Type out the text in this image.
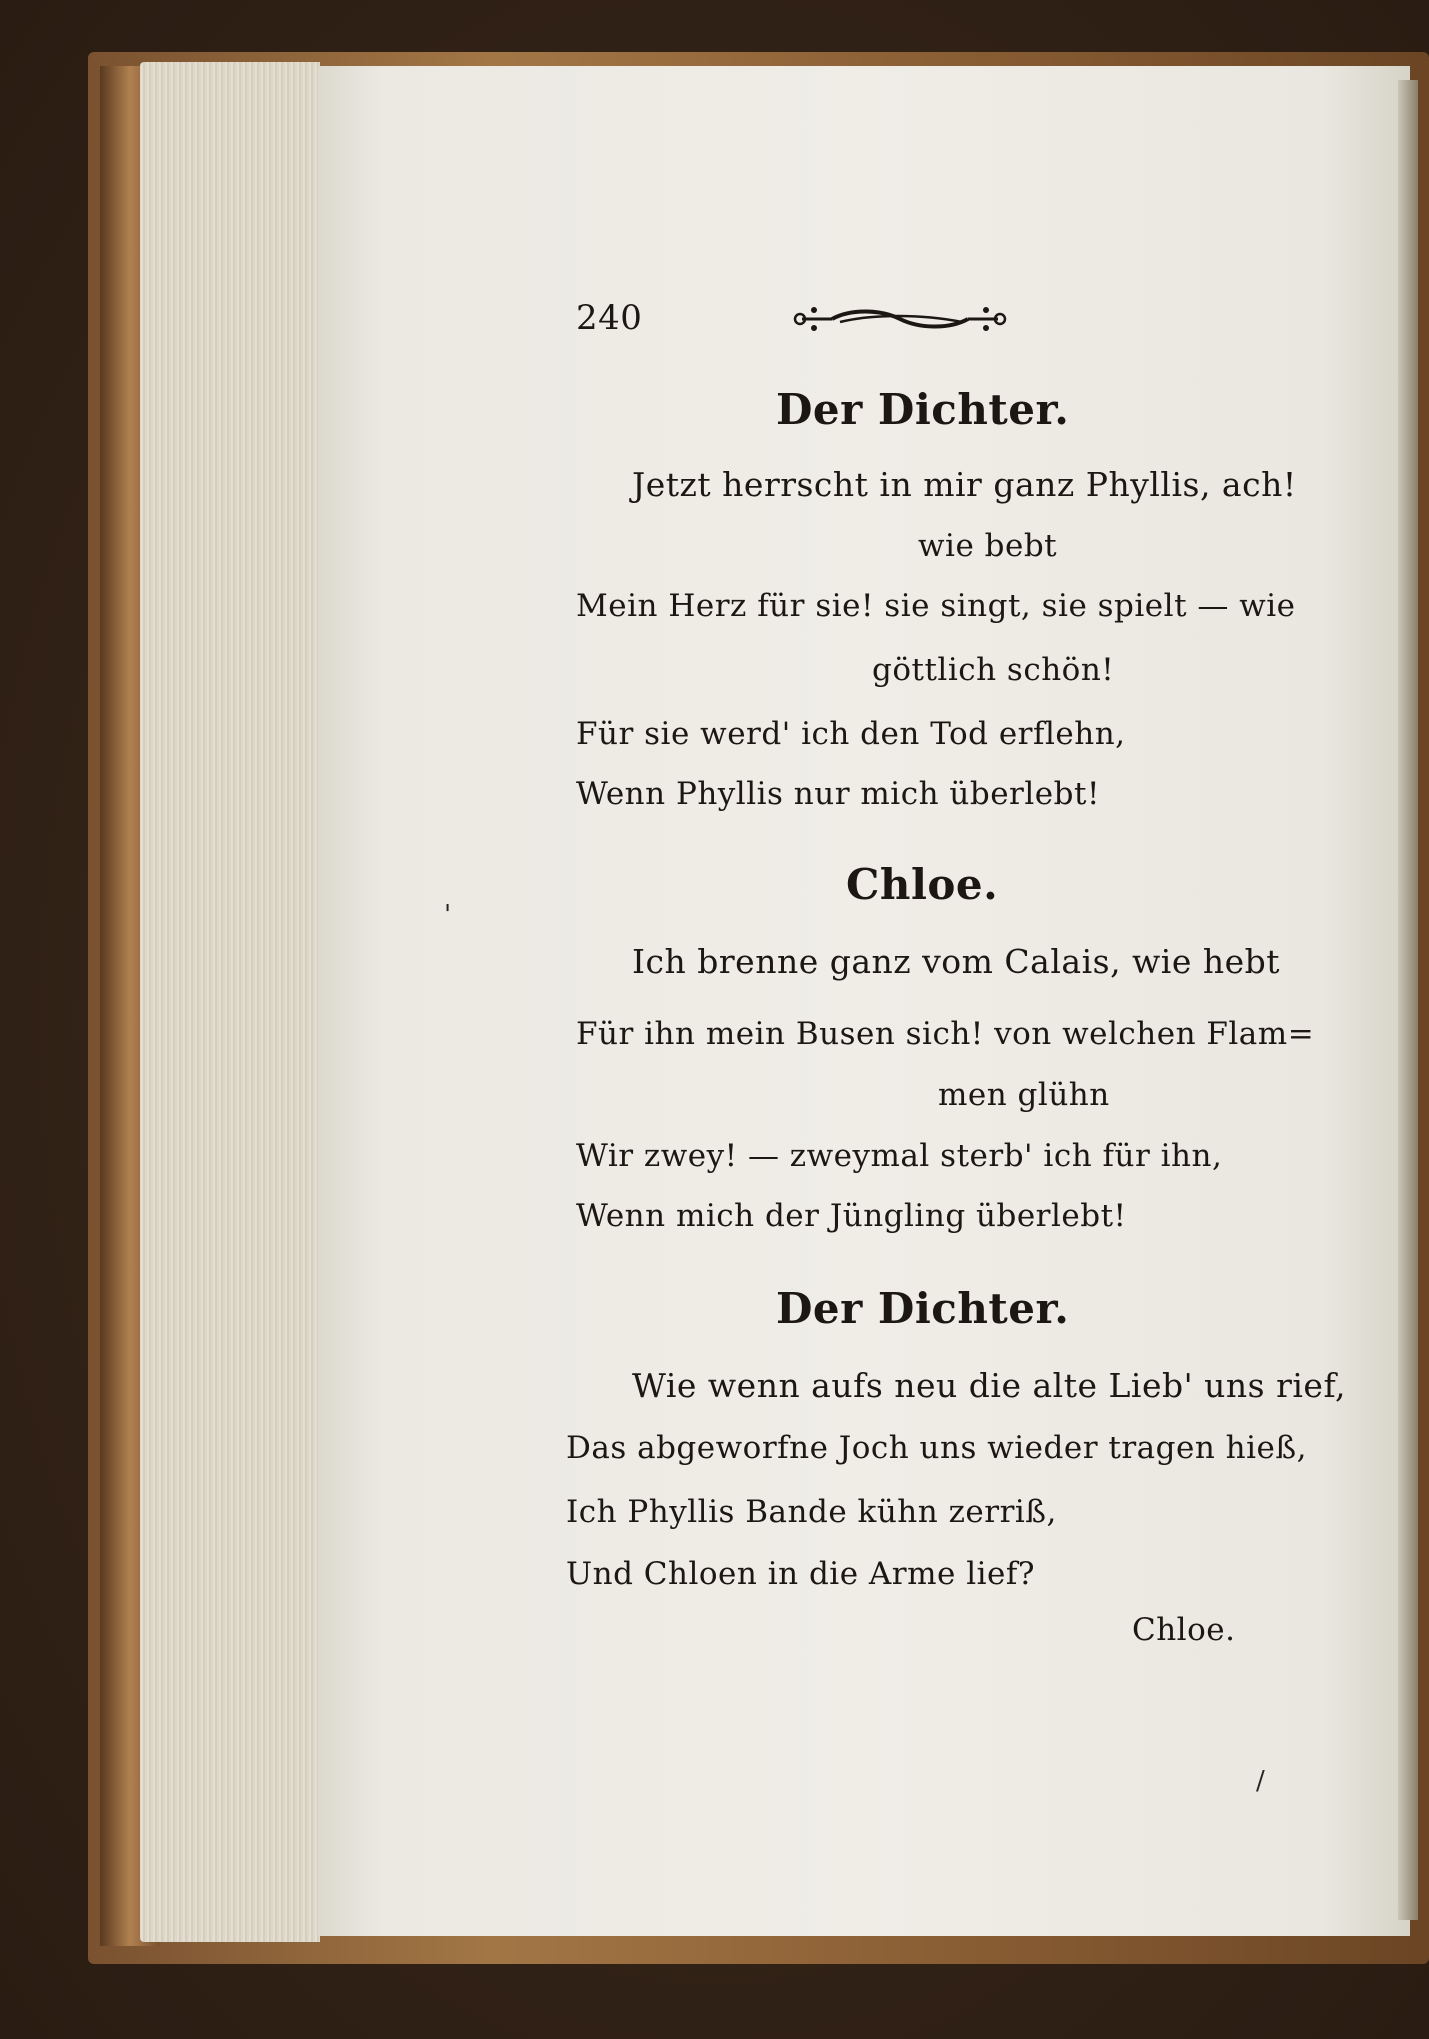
240
Der Dichter.
Jetzt herrscht in mir ganz Phyllis, ach!
wie bebt
Mein Herz für sie! sie singt, sie spielt — wie
göttlich schön!
Für sie werd' ich den Tod erflehn,
Wenn Phyllis nur mich überlebt!
Chloe.
Ich brenne ganz vom Calais, wie hebt
Für ihn mein Busen sich! von welchen Flam=
men glühn
Wir zwey! — zweymal sterb' ich für ihn,
Wenn mich der Jüngling überlebt!
Der Dichter.
Wie wenn aufs neu die alte Lieb' uns rief,
Das abgeworfne Joch uns wieder tragen hieß,
Ich Phyllis Bande kühn zerriß,
Und Chloen in die Arme lief?
Chloe.
'
/
